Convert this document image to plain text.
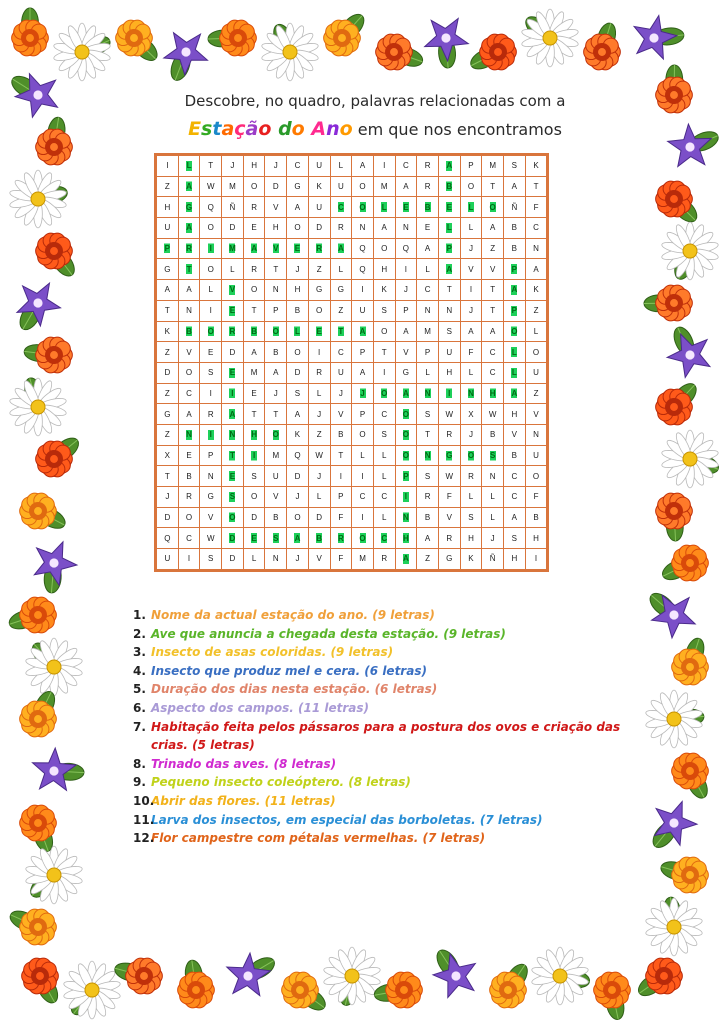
Descobre, no quadro, palavras relacionadas com a
Estação do Ano em que nos encontramos
I	L	T	J	H	J	C	U	L	A	I	C	R	A	P	M	S	K
Z	A	W	M	O	D	G	K	U	O	M	A	R	B	O	T	A	T
H	G	Q	Ñ	R	V	A	U	C	O	L	E	B	E	L	O	Ñ	F
U	A	O	D	E	H	O	D	R	N	A	N	E	L	L	A	B	C
P	R	I	M	A	V	E	R	A	Q	O	Q	A	P	J	Z	B	N
G	T	O	L	R	T	J	Z	L	Q	H	I	L	A	V	V	P	A
A	A	L	V	O	N	H	G	G	I	K	J	C	T	I	T	A	K
T	N	I	E	T	P	B	O	Z	U	S	P	N	N	J	T	P	Z
K	B	O	R	B	O	L	E	T	A	O	A	M	S	A	A	O	L
Z	V	E	D	A	B	O	I	C	P	T	V	P	U	F	C	L	O
D	O	S	E	M	A	D	R	U	A	I	G	L	H	L	C	L	U
Z	C	I	I	E	J	S	L	J	J	O	A	N	I	N	H	A	Z
G	A	R	A	T	T	A	J	V	P	C	O	S	W	X	W	H	V
Z	N	I	N	H	O	K	Z	B	O	S	O	T	R	J	B	V	N
X	E	P	T	I	M	Q	W	T	L	L	O	N	G	O	S	B	U
T	B	N	E	S	U	D	J	I	I	L	P	S	W	R	N	C	O
J	R	G	S	O	V	J	L	P	C	C	I	R	F	L	L	C	F
D	O	V	O	D	B	O	D	F	I	L	N	B	V	S	L	A	B
Q	C	W	D	E	S	A	B	R	O	C	H	A	R	H	J	S	H
U	I	S	D	L	N	J	V	F	M	R	A	Z	G	K	Ñ	H	I
1. Nome da actual estação do ano. (9 letras)
2. Ave que anuncia a chegada desta estação. (9 letras)
3. Insecto de asas coloridas. (9 letras)
4. Insecto que produz mel e cera. (6 letras)
5. Duração dos dias nesta estação. (6 letras)
6. Aspecto dos campos. (11 letras)
7. Habitação feita pelos pássaros para a postura dos ovos e criação das crias. (5 letras)
8. Trinado das aves. (8 letras)
9. Pequeno insecto coleóptero. (8 letras)
10.
Abrir das flores. (11 letras)
11.
Larva dos insectos, em especial das borboletas. (7 letras)
12.
Flor campestre com pétalas vermelhas. (7 letras)
